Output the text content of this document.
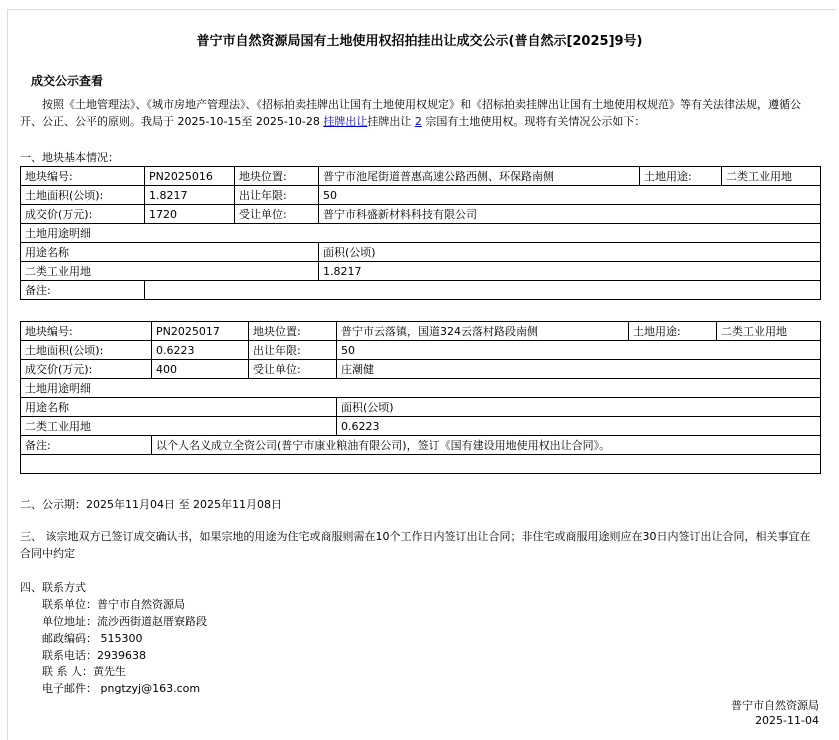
普宁市自然资源局国有土地使用权招拍挂出让成交公示(普自然示[2025]9号)
成交公示查看
按照《土地管理法》、《城市房地产管理法》、《招标拍卖挂牌出让国有土地使用权规定》和《招标拍卖挂牌出让国有土地使用权规范》等有关法律法规，遵循公开、公正、公平的原则。我局于 2025-10-15至 2025-10-28 挂牌出让挂牌出让 2 宗国有土地使用权。现将有关情况公示如下：
一、地块基本情况：
地块编号:	PN2025016	地块位置:	普宁市池尾街道普惠高速公路西侧、环保路南侧	土地用途:	二类工业用地
土地面积(公顷):	1.8217	出让年限:	50		
成交价(万元):	1720	受让单位:	普宁市科盛新材料科技有限公司		
土地用途明细					
用途名称			面积(公顷)		
二类工业用地			1.8217		
备注:					
地块编号:	PN2025017	地块位置:	普宁市云落镇，国道324云落村路段南侧	土地用途:	二类工业用地
土地面积(公顷):	0.6223	出让年限:	50		
成交价(万元):	400	受让单位:	庄潮健		
土地用途明细					
用途名称			面积(公顷)		
二类工业用地			0.6223		
备注:	以个人名义成立全资公司(普宁市康业粮油有限公司)，签订《国有建设用地使用权出让合同》。				

二、公示期：2025年11月04日 至 2025年11月08日
三、 该宗地双方已签订成交确认书，如果宗地的用途为住宅或商服则需在10个工作日内签订出让合同；非住宅或商服用途则应在30日内签订出让合同，相关事宜在合同中约定
四、联系方式
联系单位：普宁市自然资源局
单位地址：流沙西街道赵厝寮路段
邮政编码： 515300
联系电话：2939638
联 系 人：黄先生
电子邮件： pngtzyj@163.com
普宁市自然资源局
2025-11-04
